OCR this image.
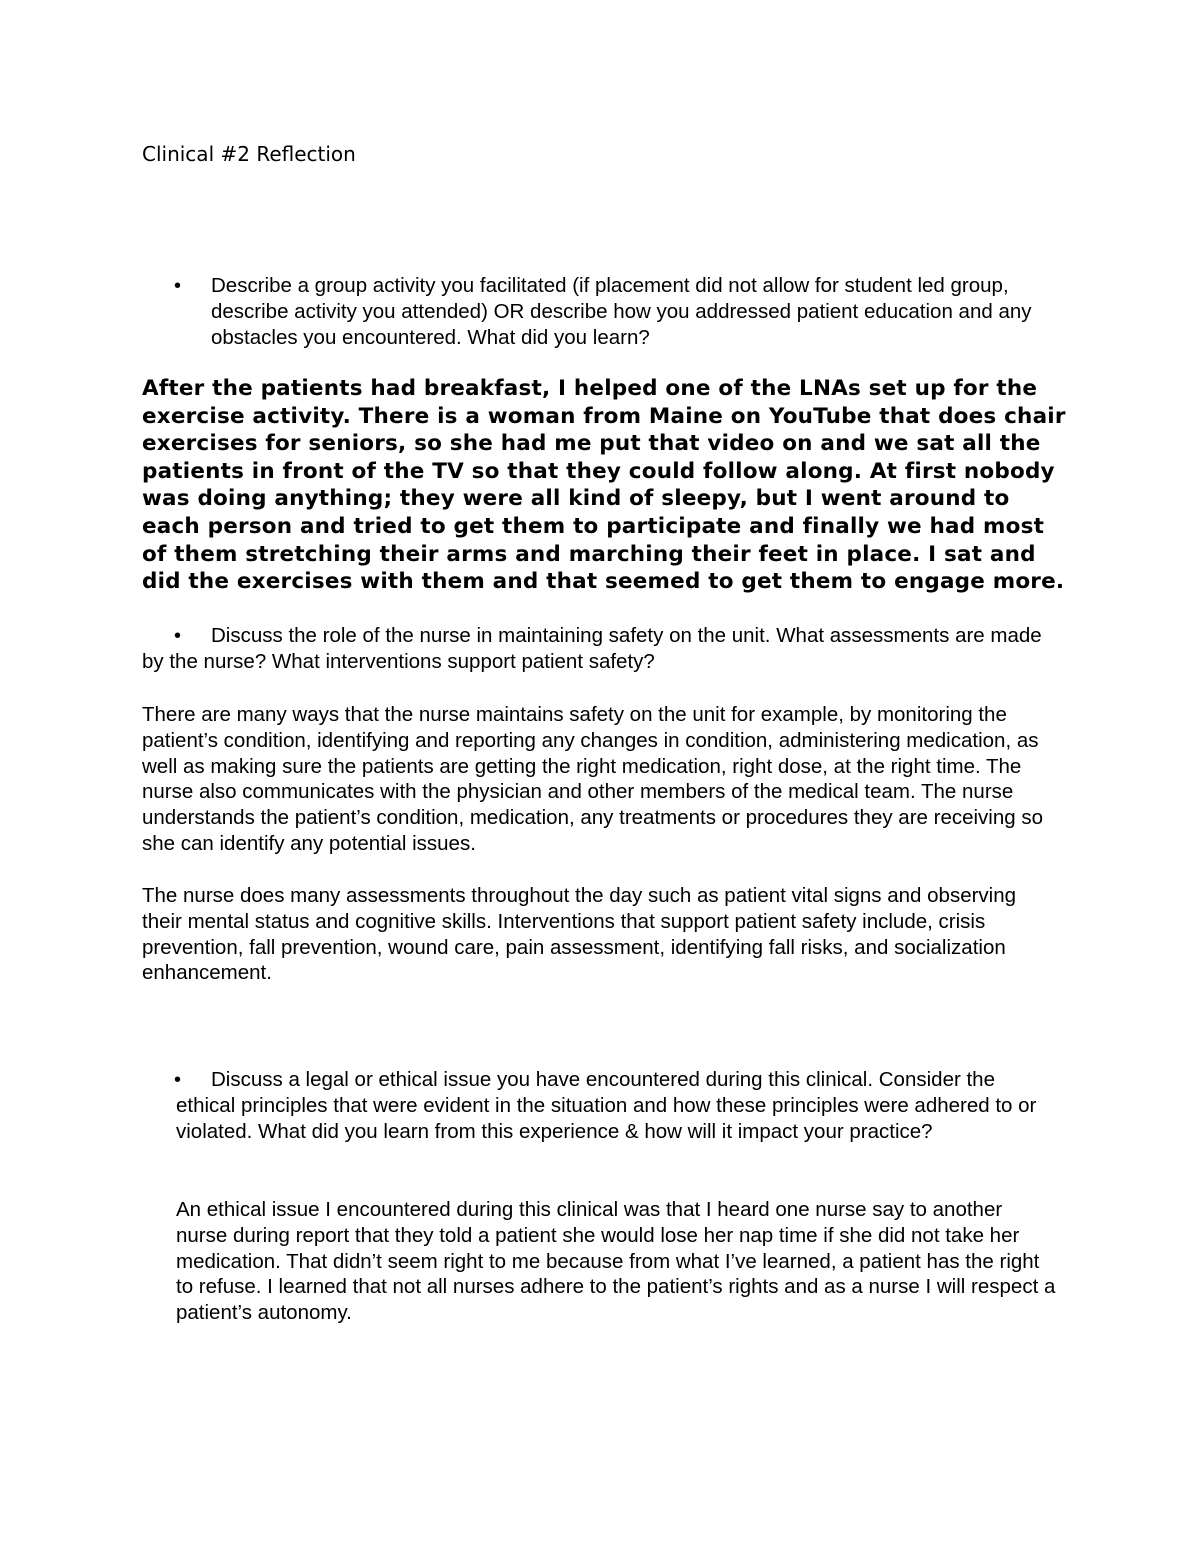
Clinical #2 Reflection
• Describe a group activity you facilitated (if placement did not allow for student led group, describe activity you attended) OR describe how you addressed patient education and any obstacles you encountered. What did you learn?

After the patients had breakfast, I helped one of the LNAs set up for the exercise activity. There is a woman from Maine on YouTube that does chair exercises for seniors, so she had me put that video on and we sat all the patients in front of the TV so that they could follow along. At first nobody was doing anything; they were all kind of sleepy, but I went around to each person and tried to get them to participate and finally we had most of them stretching their arms and marching their feet in place. I sat and did the exercises with them and that seemed to get them to engage more.

•	Discuss the role of the nurse in maintaining safety on the unit. What assessments are made by the nurse? What interventions support patient safety?

There are many ways that the nurse maintains safety on the unit for example, by monitoring the patient’s condition, identifying and reporting any changes in condition, administering medication, as well as making sure the patients are getting the right medication, right dose, at the right time. The nurse also communicates with the physician and other members of the medical team. The nurse understands the patient’s condition, medication, any treatments or procedures they are receiving so she can identify any potential issues.

The nurse does many assessments throughout the day such as patient vital signs and observing their mental status and cognitive skills. Interventions that support patient safety include, crisis prevention, fall prevention, wound care, pain assessment, identifying fall risks, and socialization enhancement.

•	Discuss a legal or ethical issue you have encountered during this clinical. Consider the ethical principles that were evident in the situation and how these principles were adhered to or violated. What did you learn from this experience & how will it impact your practice?

An ethical issue I encountered during this clinical was that I heard one nurse say to another nurse during report that they told a patient she would lose her nap time if she did not take her medication. That didn’t seem right to me because from what I’ve learned, a patient has the right to refuse. I learned that not all nurses adhere to the patient’s rights and as a nurse I will respect a patient’s autonomy.
